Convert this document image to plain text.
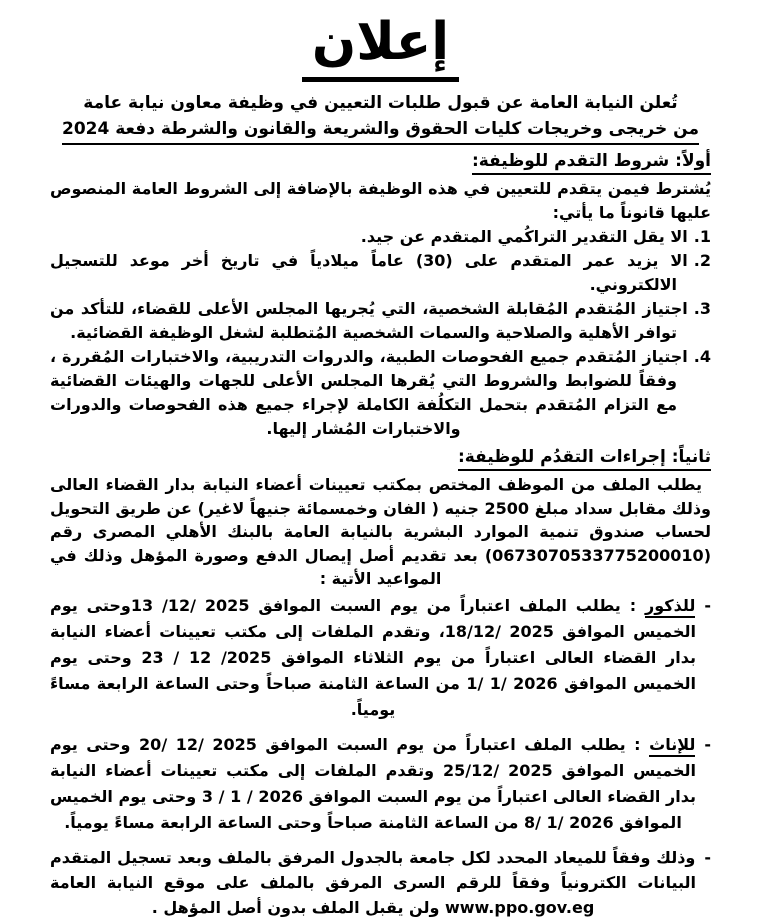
إعلان

تُعلن النيابة العامة عن قبول طلبات التعيين في وظيفة معاون نيابة عامة

من خريجى وخريجات كليات الحقوق والشريعة والقانون والشرطة دفعة 2024

أولاً: شروط التقدم للوظيفة:

يُشترط فيمن يتقدم للتعيين في هذه الوظيفة بالإضافة إلى الشروط العامة المنصوص عليها قانوناً ما يأتي:

1.الا يقل التقدير التراكُمي المتقدم عن جيد.
2.الا يزيد عمر المتقدم على (30) عاماً ميلادياً في تاريخ أخر موعد للتسجيل الالكتروني.
3.اجتياز المُتقدم المُقابلة الشخصية، التي يُجريها المجلس الأعلى للقضاء، للتأكد من توافر الأهلية والصلاحية والسمات الشخصية المُتطلبة لشغل الوظيفة القضائية.
4.اجتياز المُتقدم جميع الفحوصات الطبية، والدروات التدريبية، والاختبارات المُقررة ، وفقاً للضوابط والشروط التي يُقرها المجلس الأعلى للجهات والهيئات القضائية مع التزام المُتقدم بتحمل التكلُفة الكاملة لإجراء جميع هذه الفحوصات والدورات والاختبارات المُشار إليها.
ثانياً: إجراءات التقدُم للوظيفة:

يطلب الملف من الموظف المختص بمكتب تعيينات أعضاء النيابة بدار القضاء العالى وذلك مقابل سداد مبلغ 2500 جنيه ( الفان وخمسمائة جنيهاً لاغير) عن طريق التحويل لحساب صندوق تنمية الموارد البشرية بالنيابة العامة بالبنك الأهلي المصرى رقم (0673070533775200010) بعد تقديم أصل إيصال الدفع وصورة المؤهل وذلك في المواعيد الأتية :

-للذكور : يطلب الملف اعتباراً من يوم السبت الموافق 13 /12/ 2025وحتى يوم الخميس الموافق 18/12/ 2025، وتقدم الملفات إلى مكتب تعيينات أعضاء النيابة بدار القضاء العالى اعتباراً من يوم الثلاثاء الموافق 23 / 12 /2025 وحتى يوم الخميس الموافق 1/ 1/ 2026 من الساعة الثامنة صباحاً وحتى الساعة الرابعة مساءً يومياً.
-للإناث : يطلب الملف اعتباراً من يوم السبت الموافق 20/ 12/ 2025 وحتى يوم الخميس الموافق 25/12/ 2025 وتقدم الملفات إلى مكتب تعيينات أعضاء النيابة بدار القضاء العالى اعتباراً من يوم السبت الموافق 3 / 1 / 2026 وحتى يوم الخميس الموافق 8/ 1/ 2026 من الساعة الثامنة صباحاً وحتى الساعة الرابعة مساءً يومياً.
-وذلك وفقاً للميعاد المحدد لكل جامعة بالجدول المرفق بالملف وبعد تسجيل المتقدم البيانات الكترونياً وفقاً للرقم السرى المرفق بالملف على موقع النيابة العامة www.ppo.gov.eg ولن يقبل الملف بدون أصل المؤهل .
